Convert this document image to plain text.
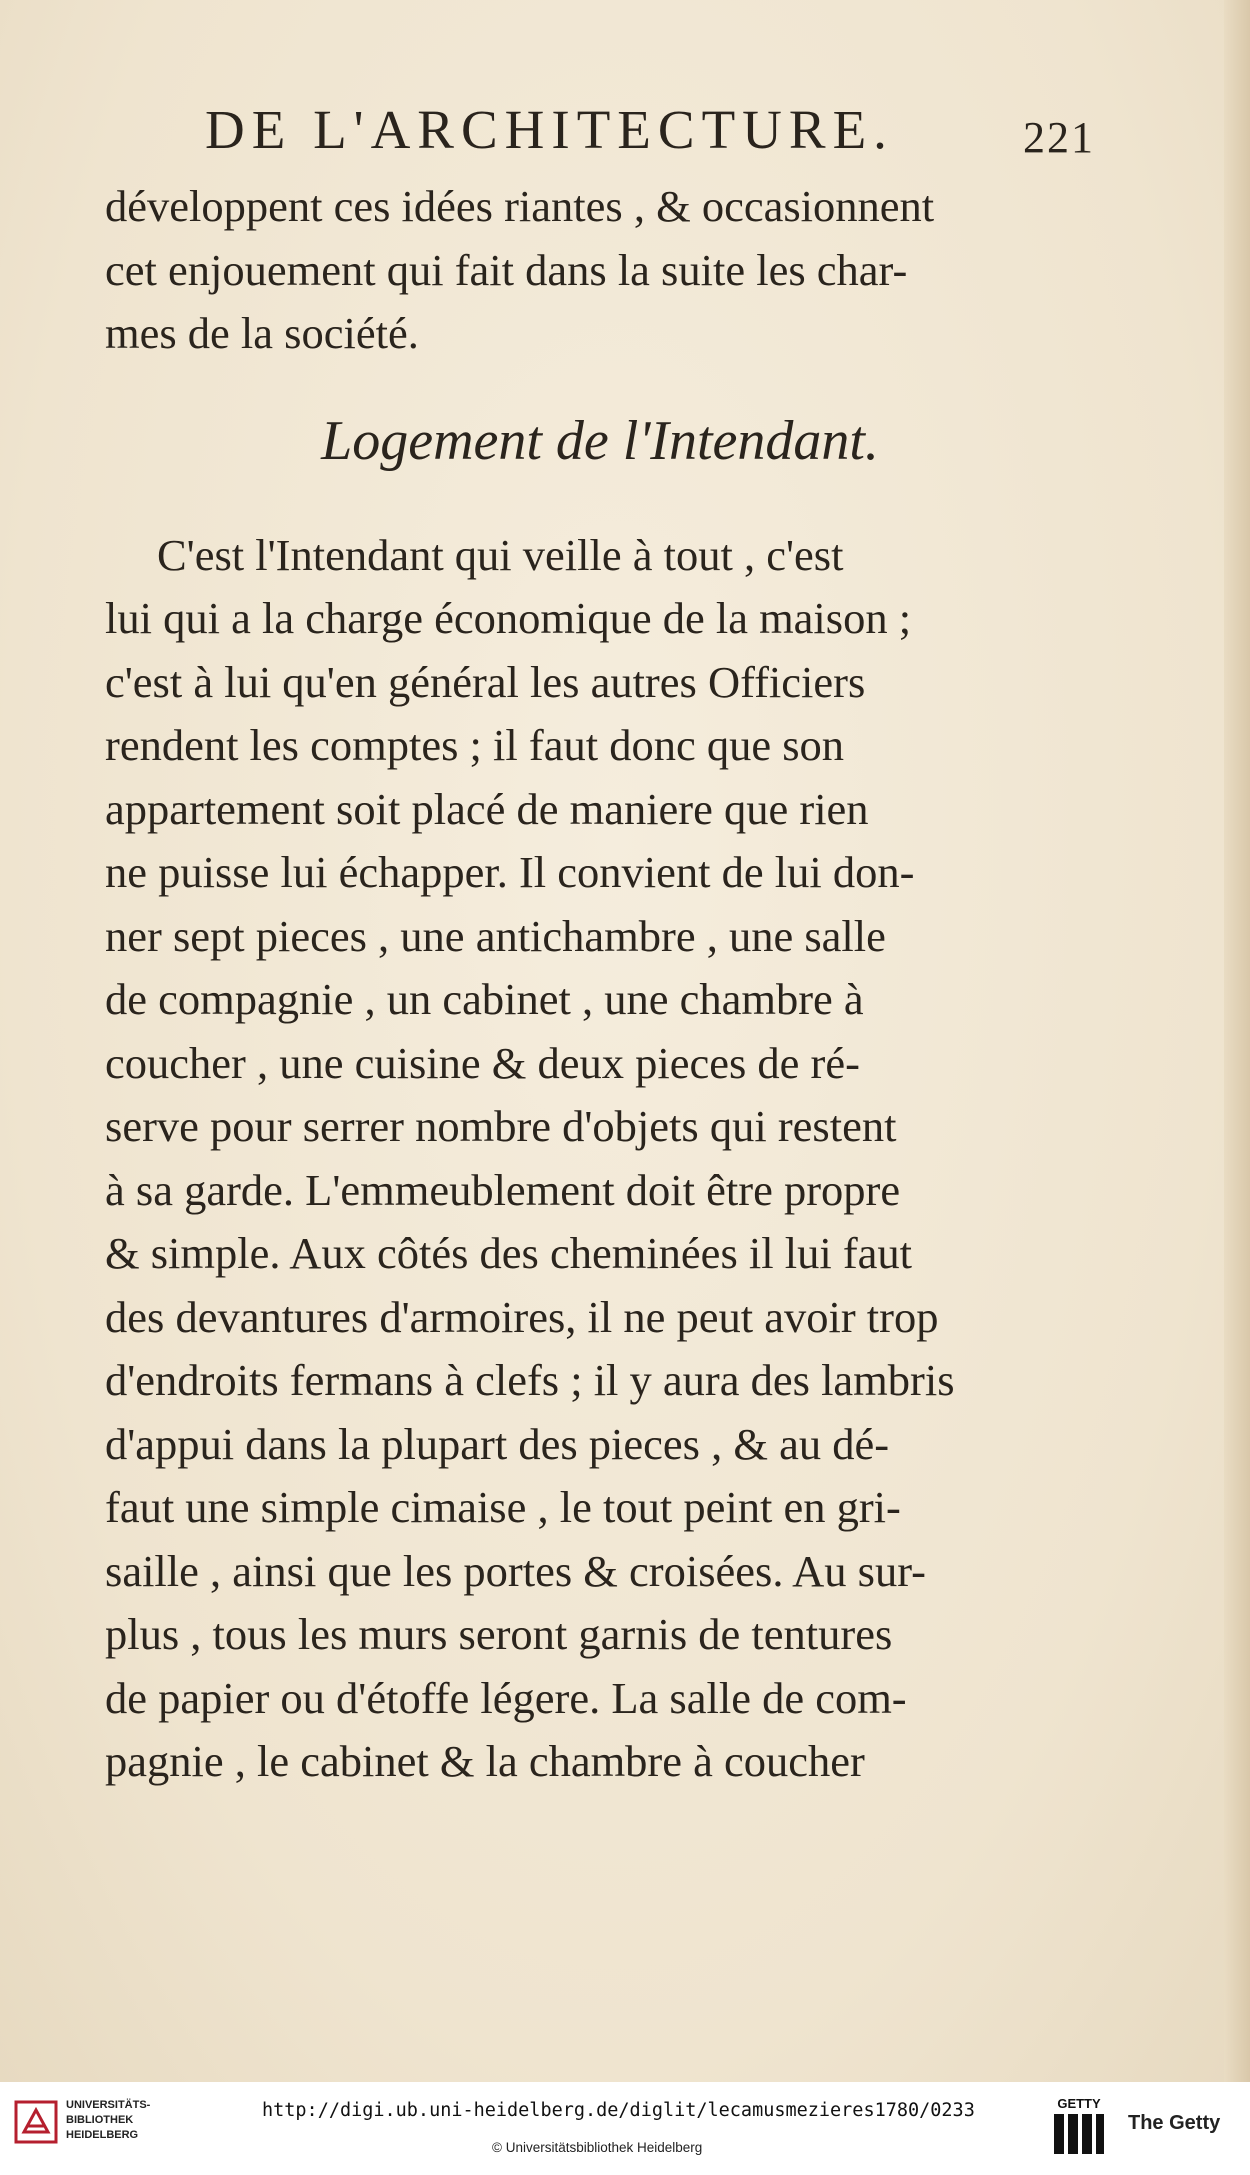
DE L'ARCHITECTURE.	221
développent ces idées riantes , & occasionnent
cet enjouement qui fait dans la suite les char-
mes de la société.
Logement de l'Intendant.
C'est l'Intendant qui veille à tout , c'est
lui qui a la charge économique de la maison ;
c'est à lui qu'en général les autres Officiers
rendent les comptes ; il faut donc que son
appartement soit placé de maniere que rien
ne puisse lui échapper. Il convient de lui don-
ner sept pieces , une antichambre , une salle
de compagnie , un cabinet , une chambre à
coucher , une cuisine & deux pieces de ré-
serve pour serrer nombre d'objets qui restent
à sa garde. L'emmeublement doit être propre
& simple. Aux côtés des cheminées il lui faut
des devantures d'armoires, il ne peut avoir trop
d'endroits fermans à clefs ; il y aura des lambris
d'appui dans la plupart des pieces , & au dé-
faut une simple cimaise , le tout peint en gri-
saille , ainsi que les portes & croisées. Au sur-
plus , tous les murs seront garnis de tentures
de papier ou d'étoffe légere. La salle de com-
pagnie , le cabinet & la chambre à coucher
UNIVERSITÄTS-
BIBLIOTHEK
HEIDELBERG
http://digi.ub.uni-heidelberg.de/diglit/lecamusmezieres1780/0233
© Universitätsbibliothek Heidelberg
GETTY
The Getty
